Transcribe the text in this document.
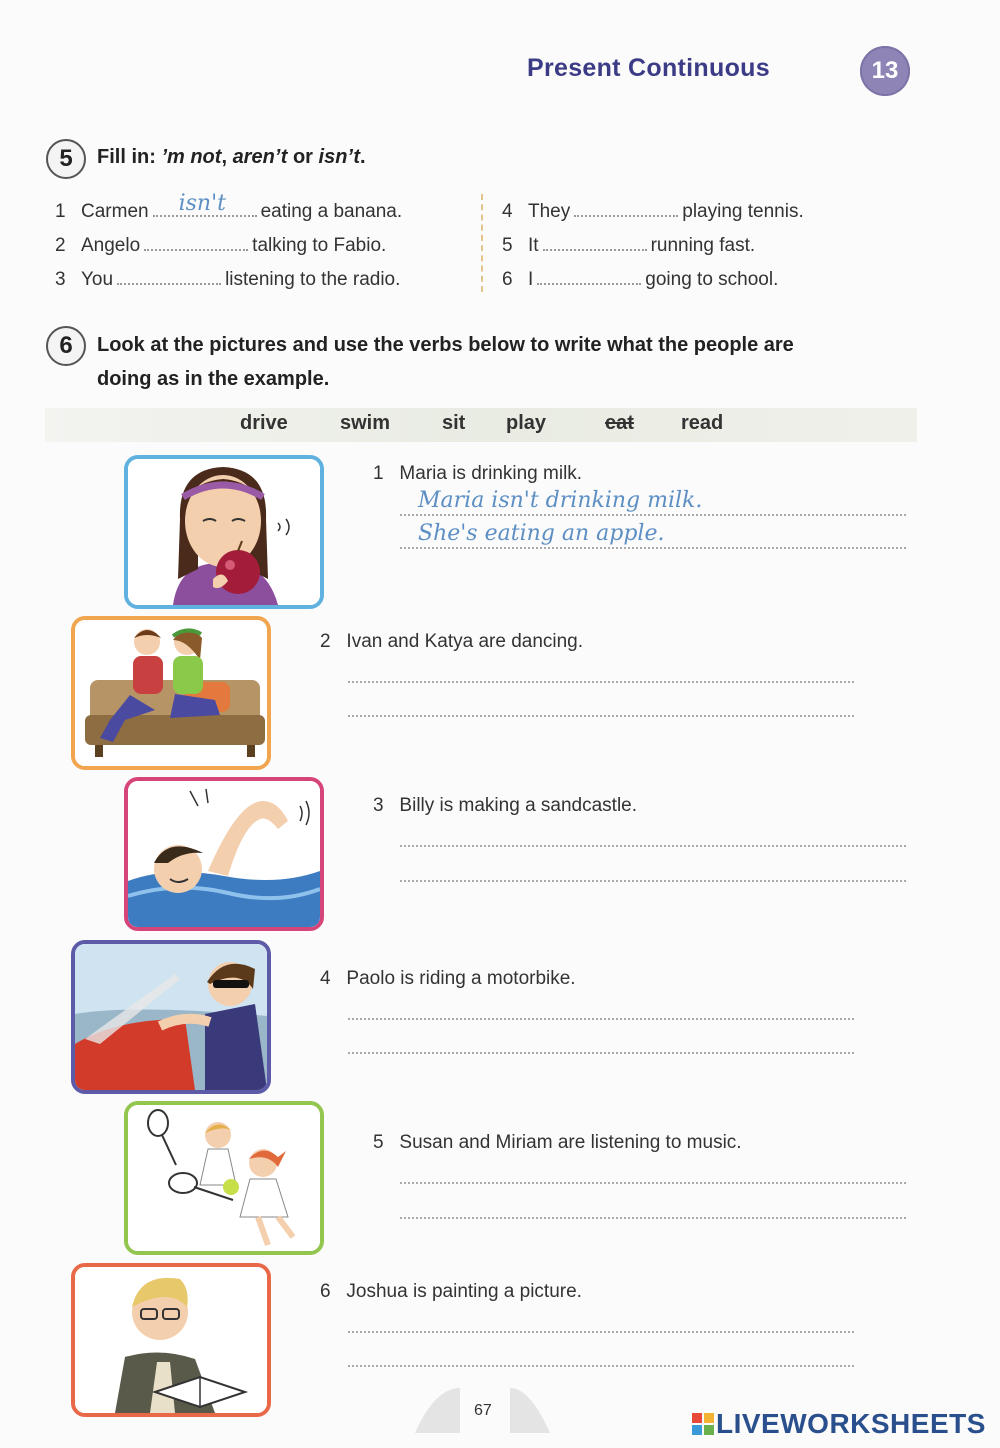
Present Continuous	13
5	Fill in: ’m not, aren’t or isn’t.
1 Carmen isn't eating a banana.
2 Angelo	talking to Fabio.
3 You	listening to the radio.
4 They	playing tennis.
5 It	running fast.
6 I	going to school.
6	Look at the pictures and use the verbs below to write what the people are
doing as in the example.
drive	swim	sit play	eat read
1 Maria is drinking milk.
Maria isn't drinking milk.
She's eating an apple.
2 Ivan and Katya are dancing.
3 Billy is making a sandcastle.
4 Paolo is riding a motorbike.
5 Susan and Miriam are listening to music.
6 Joshua is painting a picture.
67	LIVEWORKSHEETS
